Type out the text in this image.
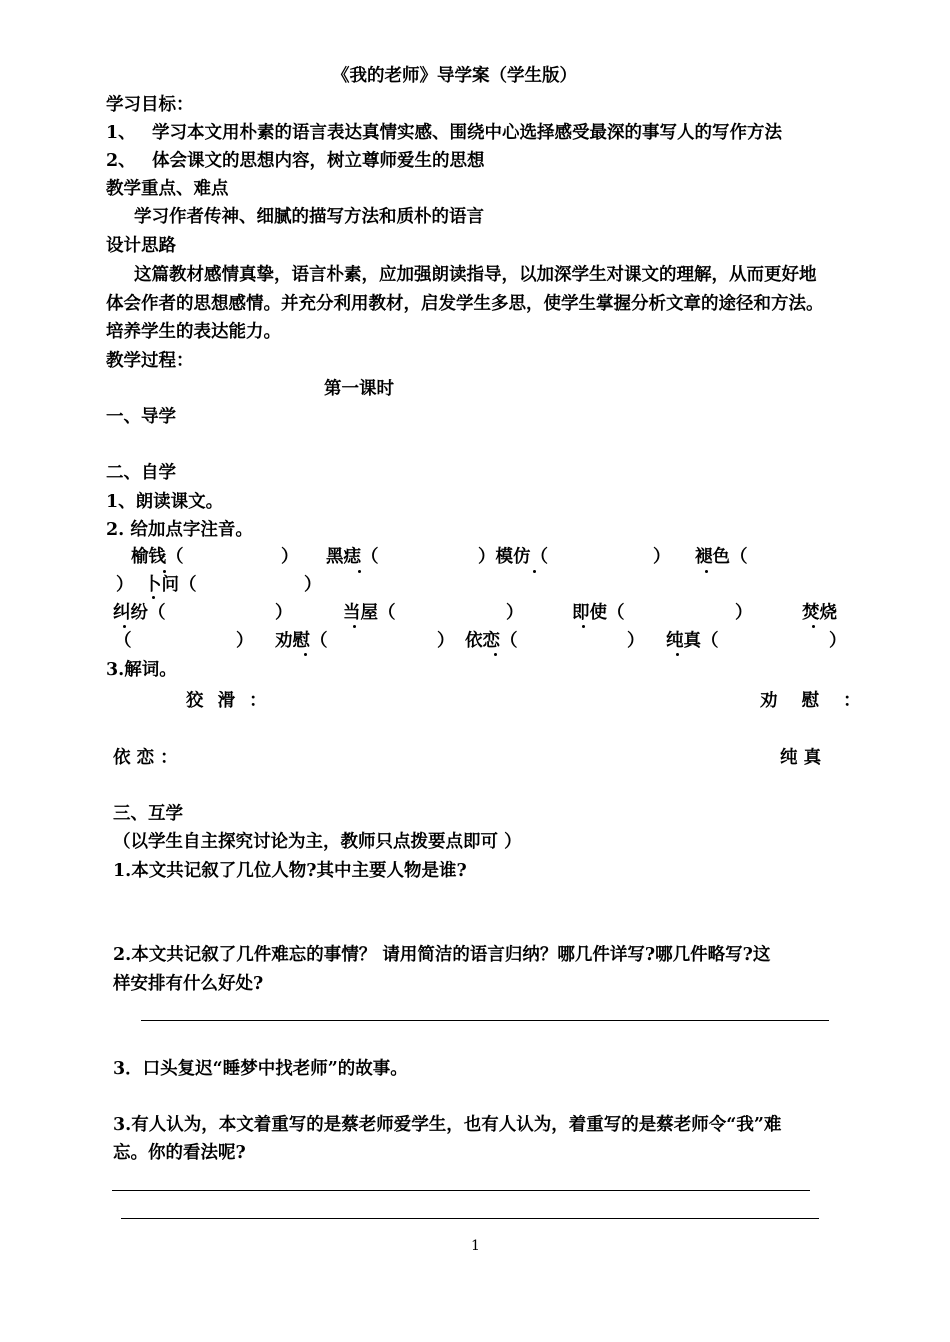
《我的老师》导学案（学生版）
学习目标：
1、 学习本文用朴素的语言表达真情实感、围绕中心选择感受最深的事写人的写作方法
2、 体会课文的思想内容，树立尊师爱生的思想
教学重点、难点
学习作者传神、细腻的描写方法和质朴的语言
设计思路
这篇教材感情真挚，语言朴素，应加强朗读指导，以加深学生对课文的理解，从而更好地
体会作者的思想感情。并充分利用教材，启发学生多思，使学生掌握分析文章的途径和方法。
培养学生的表达能力。
教学过程：
第一课时
一、导学
二、自学
1、朗读课文。
2. 给加点字注音。
榆钱（	） 黑痣（	）模仿（	） 褪色（
） 卜问（	）
纠纷（	）	当屋（	）	即使（	）	焚烧
（	） 劝慰（	） 依恋（	） 纯真（	）
3.解词。
狡 滑 ：	劝 慰 ：
依 恋 ：	纯 真
三、互学
（以学生自主探究讨论为主，教师只点拨要点即可 ）
1.本文共记叙了几位人物?其中主要人物是谁?
2.本文共记叙了几件难忘的事情？ 请用简洁的语言归纳？哪几件详写?哪几件略写?这
样安排有什么好处?
3．口头复迟“睡梦中找老师”的故事。
3.有人认为，本文着重写的是蔡老师爱学生，也有人认为，着重写的是蔡老师令“我”难
忘。你的看法呢?
1
